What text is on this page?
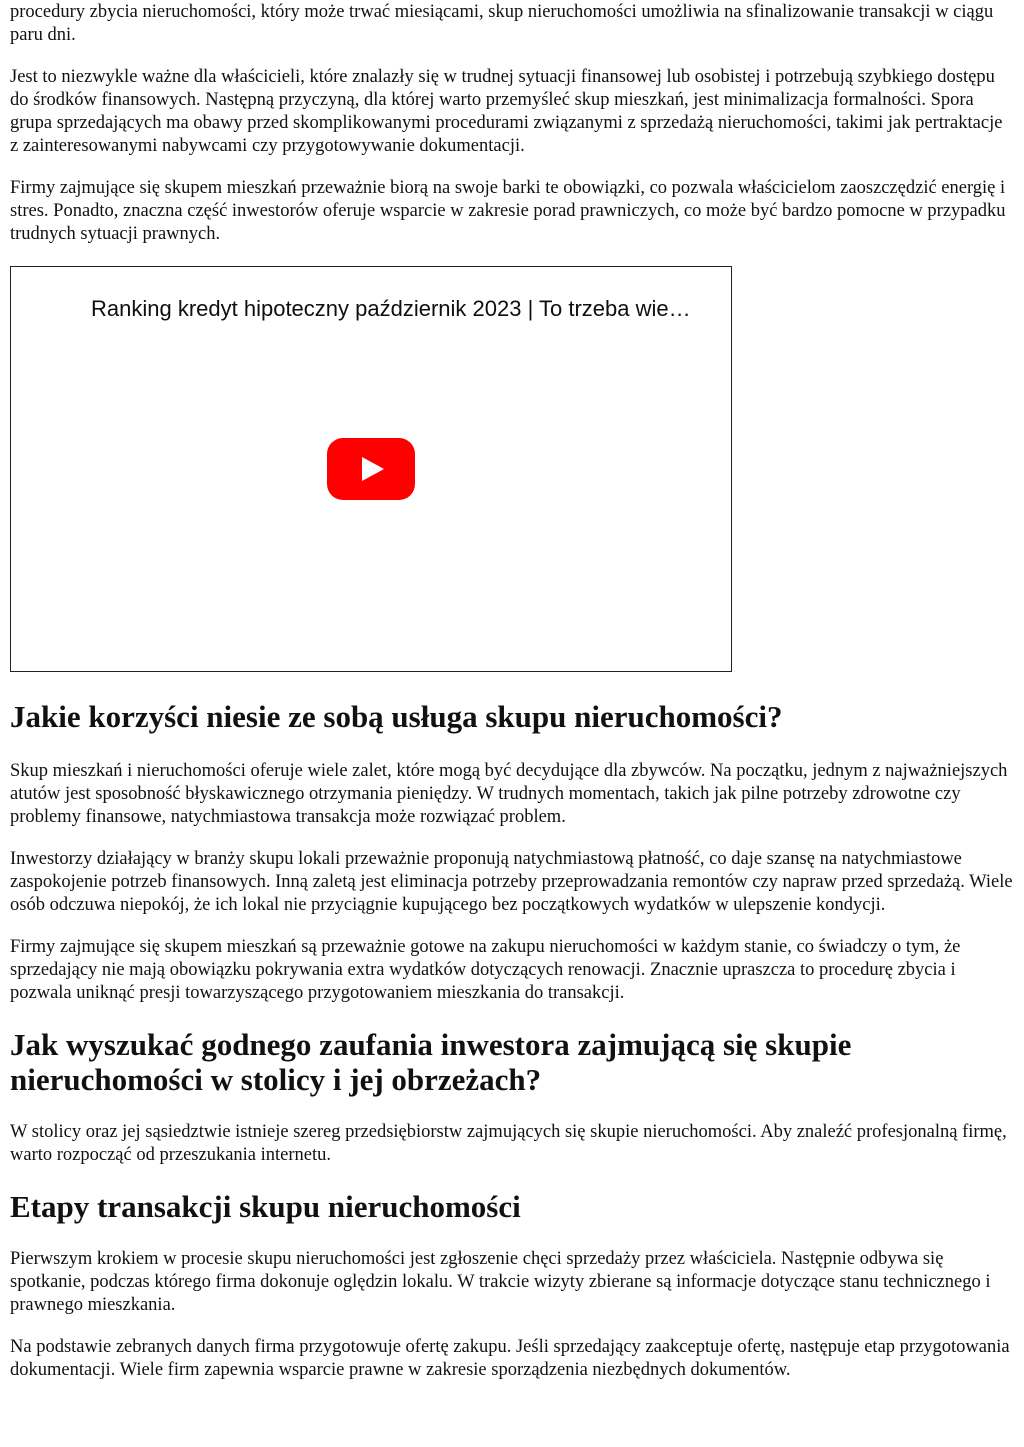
procedury zbycia nieruchomości, który może trwać miesiącami, skup nieruchomości umożliwia na sfinalizowanie transakcji w ciągu paru dni.

Jest to niezwykle ważne dla właścicieli, które znalazły się w trudnej sytuacji finansowej lub osobistej i potrzebują szybkiego dostępu do środków finansowych. Następną przyczyną, dla której warto przemyśleć skup mieszkań, jest minimalizacja formalności. Spora grupa sprzedających ma obawy przed skomplikowanymi procedurami związanymi z sprzedażą nieruchomości, takimi jak pertraktacje z zainteresowanymi nabywcami czy przygotowywanie dokumentacji.

Firmy zajmujące się skupem mieszkań przeważnie biorą na swoje barki te obowiązki, co pozwala właścicielom zaoszczędzić energię i stres. Ponadto, znaczna część inwestorów oferuje wsparcie w zakresie porad prawniczych, co może być bardzo pomocne w przypadku trudnych sytuacji prawnych.

Ranking kredyt hipoteczny październik 2023 | To trzeba wie…
Jakie korzyści niesie ze sobą usługa skupu nieruchomości?

Skup mieszkań i nieruchomości oferuje wiele zalet, które mogą być decydujące dla zbywców. Na początku, jednym z najważniejszych atutów jest sposobność błyskawicznego otrzymania pieniędzy. W trudnych momentach, takich jak pilne potrzeby zdrowotne czy problemy finansowe, natychmiastowa transakcja może rozwiązać problem.

Inwestorzy działający w branży skupu lokali przeważnie proponują natychmiastową płatność, co daje szansę na natychmiastowe zaspokojenie potrzeb finansowych. Inną zaletą jest eliminacja potrzeby przeprowadzania remontów czy napraw przed sprzedażą. Wiele osób odczuwa niepokój, że ich lokal nie przyciągnie kupującego bez początkowych wydatków w ulepszenie kondycji.

Firmy zajmujące się skupem mieszkań są przeważnie gotowe na zakupu nieruchomości w każdym stanie, co świadczy o tym, że sprzedający nie mają obowiązku pokrywania extra wydatków dotyczących renowacji. Znacznie upraszcza to procedurę zbycia i pozwala uniknąć presji towarzyszącego przygotowaniem mieszkania do transakcji.

Jak wyszukać godnego zaufania inwestora zajmującą się skupie nieruchomości w stolicy i jej obrzeżach?

W stolicy oraz jej sąsiedztwie istnieje szereg przedsiębiorstw zajmujących się skupie nieruchomości. Aby znaleźć profesjonalną firmę, warto rozpocząć od przeszukania internetu.

Etapy transakcji skupu nieruchomości

Pierwszym krokiem w procesie skupu nieruchomości jest zgłoszenie chęci sprzedaży przez właściciela. Następnie odbywa się spotkanie, podczas którego firma dokonuje oględzin lokalu. W trakcie wizyty zbierane są informacje dotyczące stanu technicznego i prawnego mieszkania.

Na podstawie zebranych danych firma przygotowuje ofertę zakupu. Jeśli sprzedający zaakceptuje ofertę, następuje etap przygotowania dokumentacji. Wiele firm zapewnia wsparcie prawne w zakresie sporządzenia niezbędnych dokumentów.
